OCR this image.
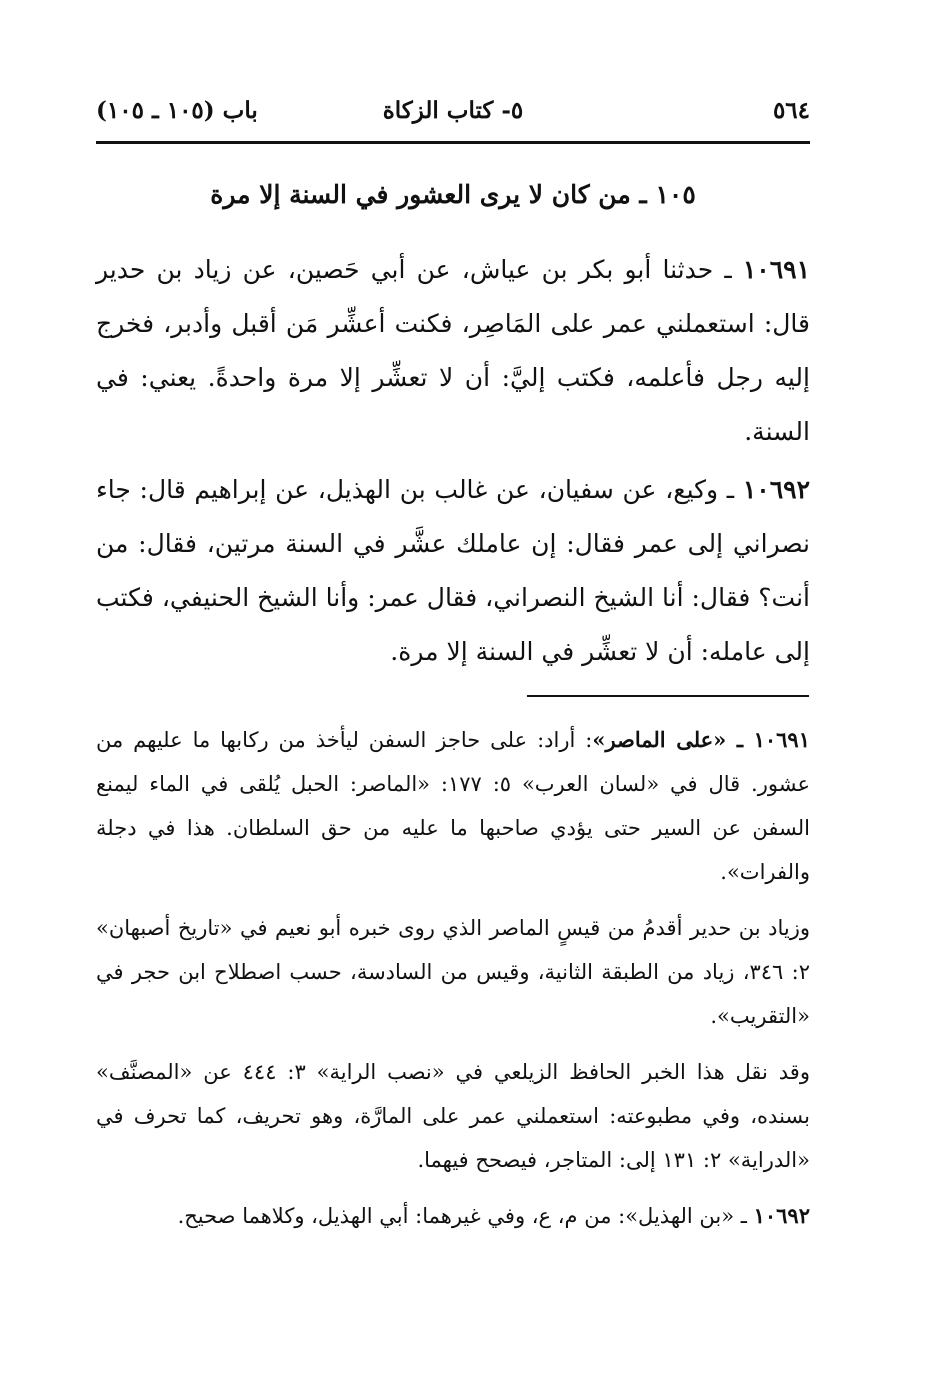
٥٦٤
٥- كتاب الزكاة
باب (١٠٥ ـ ١٠٥)
١٠٥ ـ من كان لا يرى العشور في السنة إلا مرة
١٠٦٩١ ـ حدثنا أبو بكر بن عياش، عن أبي حَصين، عن زياد بن حدير قال: استعملني عمر على المَاصِر، فكنت أعشِّر مَن أقبل وأدبر، فخرج إليه رجل فأعلمه، فكتب إليَّ: أن لا تعشِّر إلا مرة واحدةً. يعني: في السنة.
١٠٦٩٢ ـ وكيع، عن سفيان، عن غالب بن الهذيل، عن إبراهيم قال: جاء نصراني إلى عمر فقال: إن عاملك عشَّر في السنة مرتين، فقال: من أنت؟ فقال: أنا الشيخ النصراني، فقال عمر: وأنا الشيخ الحنيفي، فكتب إلى عامله: أن لا تعشِّر في السنة إلا مرة.
١٠٦٩١ ـ «على الماصر»: أراد: على حاجز السفن ليأخذ من ركابها ما عليهم من عشور. قال في «لسان العرب» ٥: ١٧٧: «الماصر: الحبل يُلقى في الماء ليمنع السفن عن السير حتى يؤدي صاحبها ما عليه من حق السلطان. هذا في دجلة والفرات».
وزياد بن حدير أقدمُ من قيسٍ الماصر الذي روى خبره أبو نعيم في «تاريخ أصبهان» ٢: ٣٤٦، زياد من الطبقة الثانية، وقيس من السادسة، حسب اصطلاح ابن حجر في «التقريب».
وقد نقل هذا الخبر الحافظ الزيلعي في «نصب الراية» ٣: ٤٤٤ عن «المصنَّف» بسنده، وفي مطبوعته: استعملني عمر على المارَّة، وهو تحريف، كما تحرف في «الدراية» ٢: ١٣١ إلى: المتاجر، فيصحح فيهما.
١٠٦٩٢ ـ «بن الهذيل»: من م، ع، وفي غيرهما: أبي الهذيل، وكلاهما صحيح.
